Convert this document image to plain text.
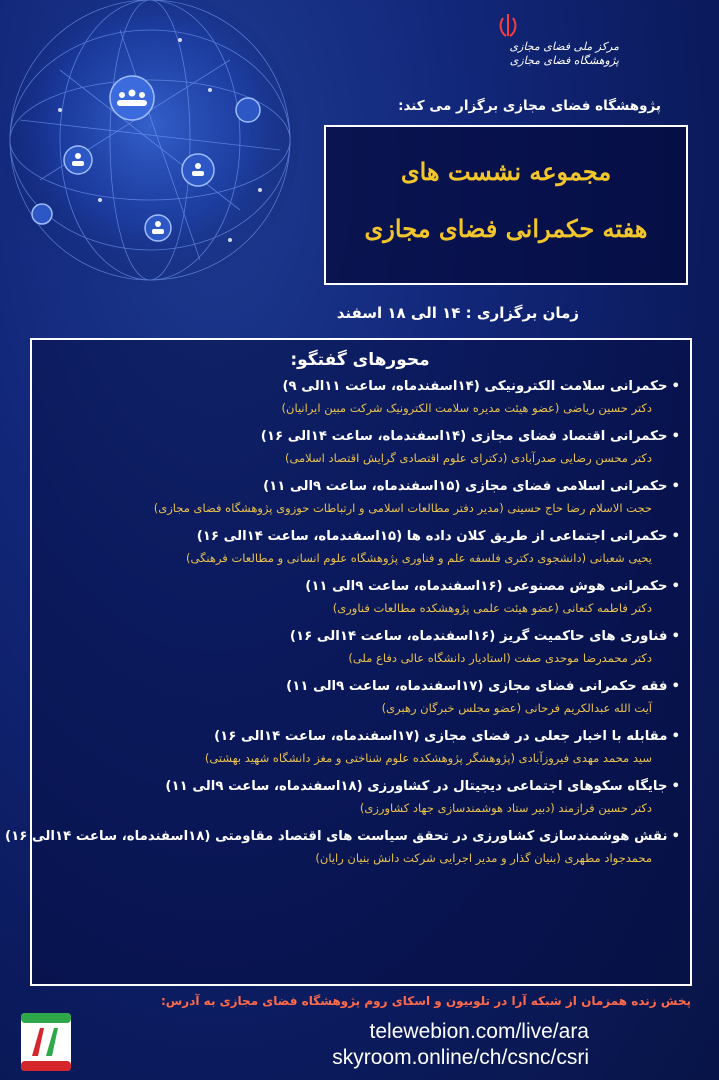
مرکز ملی فضای مجازی
پژوهشگاه فضای مجازی
پژوهشگاه فضای مجازی برگزار می کند:
مجموعه نشست های
هفته حکمرانی فضای مجازی
زمان برگزاری : ۱۴ الی ۱۸ اسفند
محورهای گفتگو:
• حکمرانی سلامت الکترونیکی (۱۴اسفندماه، ساعت ۱۱الی ۹)
دکتر حسین ریاضی (عضو هیئت مدیره سلامت الکترونیک شرکت مبین ایرانیان)
• حکمرانی اقتصاد فضای مجازی (۱۴اسفندماه، ساعت ۱۴الی ۱۶)
دکتر محسن رضایی صدرآبادی (دکترای علوم اقتصادی گرایش اقتصاد اسلامی)
• حکمرانی اسلامی فضای مجازی (۱۵اسفندماه، ساعت ۹الی ۱۱)
حجت الاسلام رضا حاج حسینی (مدیر دفتر مطالعات اسلامی و ارتباطات حوزوی پژوهشگاه فضای مجازی)
• حکمرانی اجتماعی از طریق کلان داده ها (۱۵اسفندماه، ساعت ۱۴الی ۱۶)
یحیی شعبانی (دانشجوی دکتری فلسفه علم و فناوری پژوهشگاه علوم انسانی و مطالعات فرهنگی)
• حکمرانی هوش مصنوعی (۱۶اسفندماه، ساعت ۹الی ۱۱)
دکتر فاطمه کنعانی (عضو هیئت علمی پژوهشکده مطالعات فناوری)
• فناوری های حاکمیت گریز (۱۶اسفندماه، ساعت ۱۴الی ۱۶)
دکتر محمدرضا موحدی صفت (استادیار دانشگاه عالی دفاع ملی)
• فقه حکمرانی فضای مجازی (۱۷اسفندماه، ساعت ۹الی ۱۱)
آیت الله عبدالکریم فرحانی (عضو مجلس خبرگان رهبری)
• مقابله با اخبار جعلی در فضای مجازی (۱۷اسفندماه، ساعت ۱۴الی ۱۶)
سید محمد مهدی فیروزآبادی (پژوهشگر پژوهشکده علوم شناختی و مغز دانشگاه شهید بهشتی)
• جایگاه سکوهای اجتماعی دیجیتال در کشاورزی (۱۸اسفندماه، ساعت ۹الی ۱۱)
دکتر حسین فرازمند (دبیر ستاد هوشمندسازی جهاد کشاورزی)
• نقش هوشمندسازی کشاورزی در تحقق سیاست های اقتصاد مقاومتی (۱۸اسفندماه، ساعت ۱۴الی ۱۶)
محمدجواد مطهری (بنیان گذار و مدیر اجرایی شرکت دانش بنیان رایان)
پخش زنده همزمان از شبکه آرا در تلوبیون و اسکای روم پژوهشگاه فضای مجازی به آدرس:
telewebion.com/live/ara
skyroom.online/ch/csnc/csri
